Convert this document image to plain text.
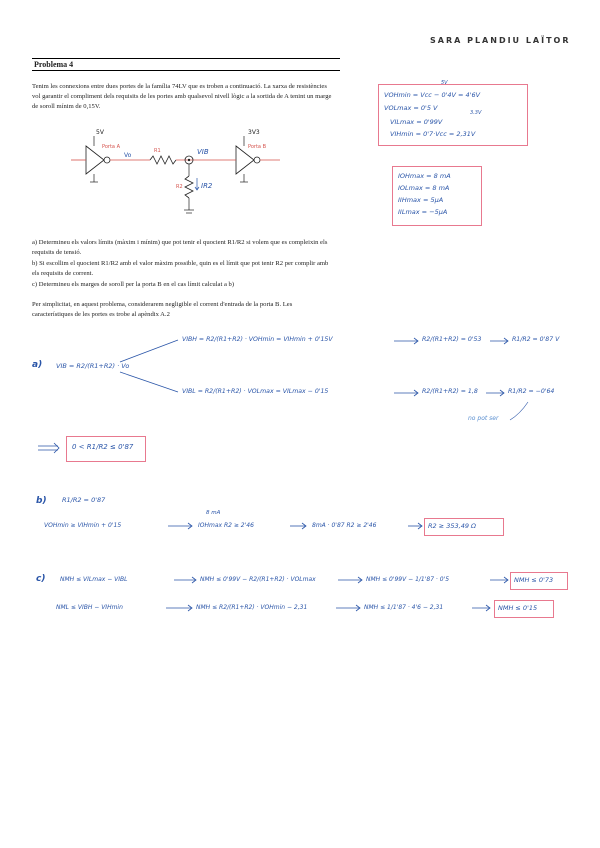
SARA PLANDIU LAÏTOR
Problema 4
Tenim les connexions entre dues portes de la família 74LV que es troben a continuació. La xarxa de resistències vol garantir el compliment dels requisits de les portes amb qualsevol nivell lògic a la sortida de A tenint un marge de soroll mínim de 0,15V.
5V
Porta A
Vo
R1	VIB
R2	IR2
3V3
Porta B
a) Determineu els valors límits (màxim i mínim) que pot tenir el quocient R1/R2 si volem que es compleixin els requisits de tensió.
b) Si escollim el quocient R1/R2 amb el valor màxim possible, quin es el límit que pot tenir R2 per complir amb els requisits de corrent.
c) Determineu els marges de soroll per la porta B en el cas límit calculat a b)
Per simplicitat, en aquest problema, considerarem negligible el corrent d'entrada de la porta B. Les característiques de les portes es trobe al apèndix A.2
5V
3.3V
VOHmin = Vcc − 0'4V = 4'6V
VOLmax = 0'5 V
VILmax = 0'99V
VIHmin = 0'7·Vcc = 2,31V
IOHmax = 8 mA
IOLmax = 8 mA
IIHmax = 5µA
IILmax = −5µA
a) VIB = R2/(R1+R2) · Vo
VIBH = R2/(R1+R2) · VOHmin = VIHmin + 0'15V	R2/(R1+R2) = 0'53	R1/R2 = 0'87 V
VIBL = R2/(R1+R2) · VOLmax = VILmax − 0'15	R2/(R1+R2) = 1,8	R1/R2 = −0'64
no pot ser
0 < R1/R2 ≤ 0'87
b) R1/R2 = 0'87
VOHmin ≥ VIHmin + 0'15
8 mA
IOHmax R2 ≥ 2'46	8mA · 0'87 R2 ≥ 2'46	R2 ≥ 353,49 Ω
c) NMH ≤ VILmax − VIBL	NMH ≤ 0'99V − R2/(R1+R2) · VOLmax	NMH ≤ 0'99V − 1/1'87 · 0'5	NMH ≤ 0'73
NML ≤ VIBH − VIHmin	NMH ≤ R2/(R1+R2) · VOHmin − 2,31	NMH ≤ 1/1'87 · 4'6 − 2,31	NMH ≤ 0'15
